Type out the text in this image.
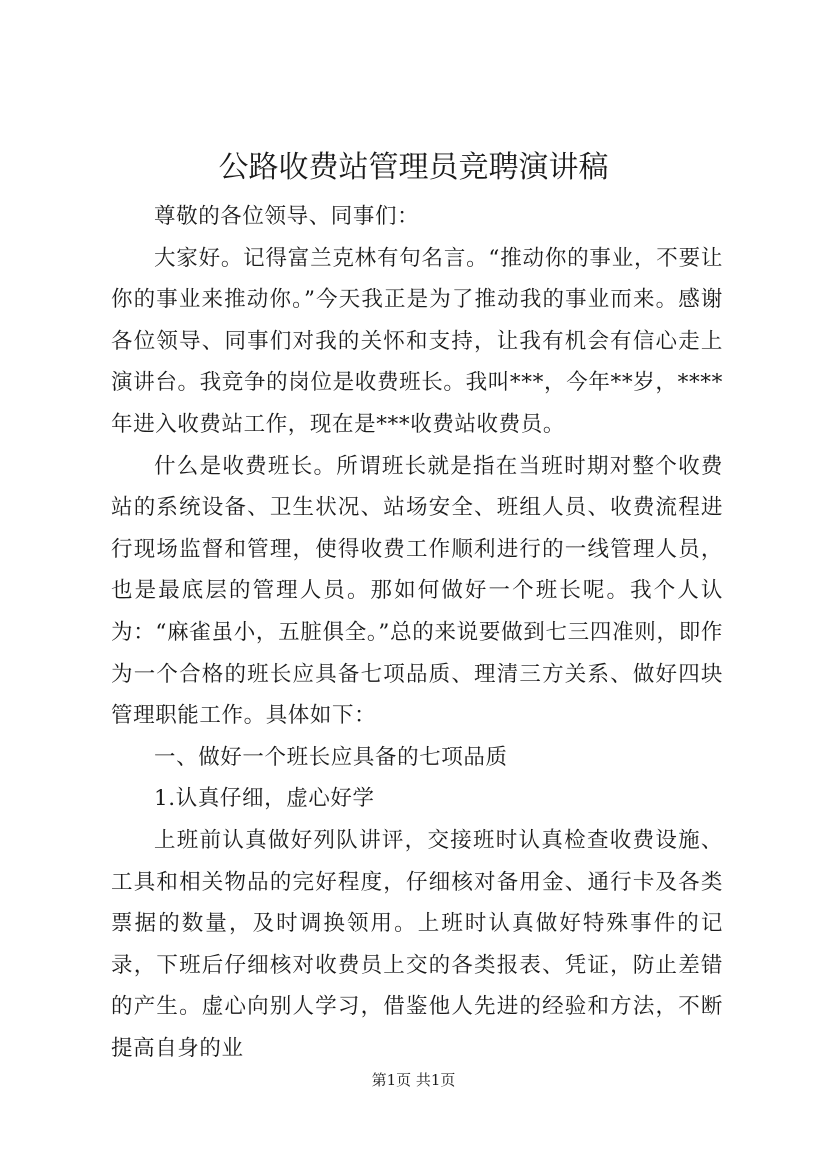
公路收费站管理员竞聘演讲稿

尊敬的各位领导、同事们：

大家好。记得富兰克林有句名言。“推动你的事业，不要让你的事业来推动你。”今天我正是为了推动我的事业而来。感谢各位领导、同事们对我的关怀和支持，让我有机会有信心走上演讲台。我竞争的岗位是收费班长。我叫***，今年**岁，****年进入收费站工作，现在是***收费站收费员。

什么是收费班长。所谓班长就是指在当班时期对整个收费站的系统设备、卫生状况、站场安全、班组人员、收费流程进行现场监督和管理，使得收费工作顺利进行的一线管理人员，也是最底层的管理人员。那如何做好一个班长呢。我个人认为：“麻雀虽小，五脏俱全。”总的来说要做到七三四准则，即作为一个合格的班长应具备七项品质、理清三方关系、做好四块管理职能工作。具体如下：

一、做好一个班长应具备的七项品质

1.认真仔细，虚心好学

上班前认真做好列队讲评，交接班时认真检查收费设施、工具和相关物品的完好程度，仔细核对备用金、通行卡及各类票据的数量，及时调换领用。上班时认真做好特殊事件的记录，下班后仔细核对收费员上交的各类报表、凭证，防止差错的产生。虚心向别人学习，借鉴他人先进的经验和方法，不断提高自身的业

第1页 共1页
